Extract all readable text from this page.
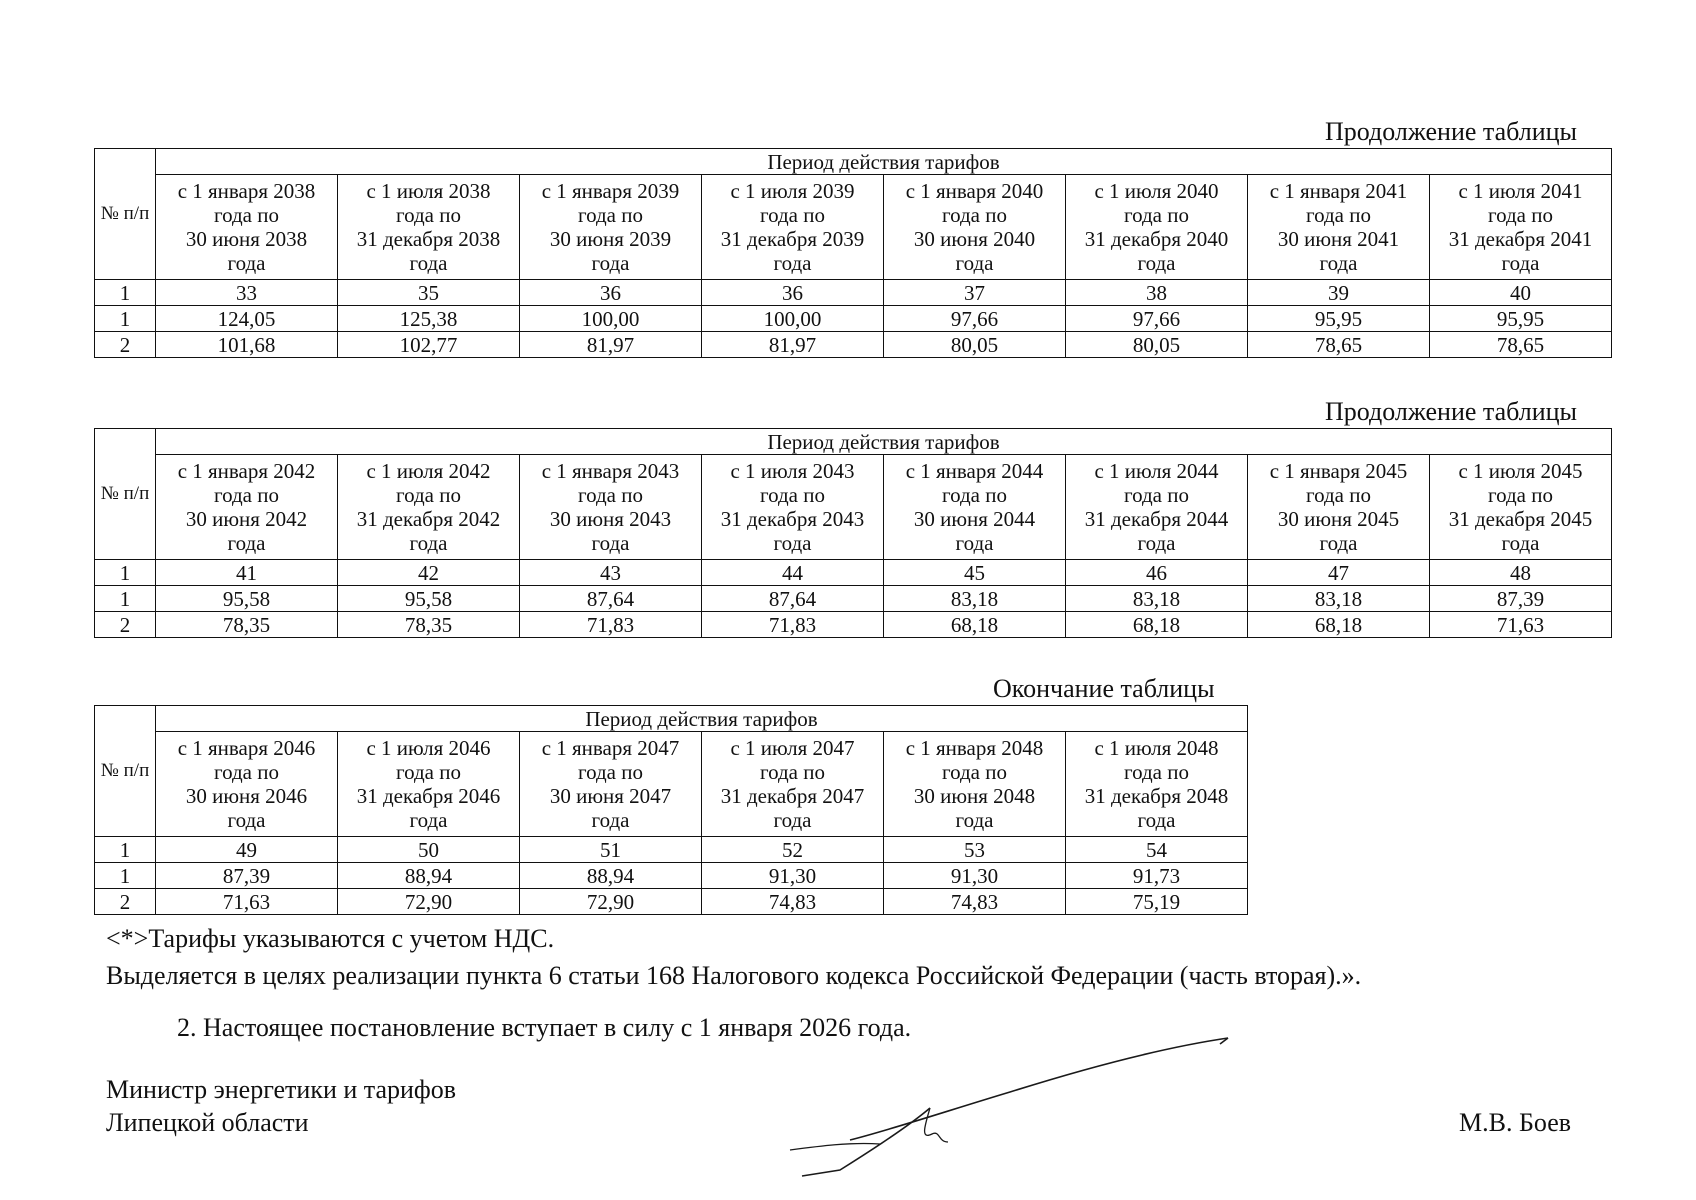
Продолжение таблицы
№ п/п	Период действия тарифов							

	с 1 января 2038
года по
30 июня 2038
года	с 1 июля 2038
года по
31 декабря 2038
года	с 1 января 2039
года по
30 июня 2039
года	с 1 июля 2039
года по
31 декабря 2039
года	с 1 января 2040
года по
30 июня 2040
года	с 1 июля 2040
года по
31 декабря 2040
года	с 1 января 2041
года по
30 июня 2041
года	с 1 июля 2041
года по
31 декабря 2041
года

1	33	35	36	36	37	38	39	40
1	124,05	125,38	100,00	100,00	97,66	97,66	95,95	95,95
2	101,68	102,77	81,97	81,97	80,05	80,05	78,65	78,65
Продолжение таблицы
№ п/п	Период действия тарифов							

	с 1 января 2042
года по
30 июня 2042
года	с 1 июля 2042
года по
31 декабря 2042
года	с 1 января 2043
года по
30 июня 2043
года	с 1 июля 2043
года по
31 декабря 2043
года	с 1 января 2044
года по
30 июня 2044
года	с 1 июля 2044
года по
31 декабря 2044
года	с 1 января 2045
года по
30 июня 2045
года	с 1 июля 2045
года по
31 декабря 2045
года

1	41	42	43	44	45	46	47	48
1	95,58	95,58	87,64	87,64	83,18	83,18	83,18	87,39
2	78,35	78,35	71,83	71,83	68,18	68,18	68,18	71,63
Окончание таблицы
№ п/п	Период действия тарифов					

	с 1 января 2046
года по
30 июня 2046
года	с 1 июля 2046
года по
31 декабря 2046
года	с 1 января 2047
года по
30 июня 2047
года	с 1 июля 2047
года по
31 декабря 2047
года	с 1 января 2048
года по
30 июня 2048
года	с 1 июля 2048
года по
31 декабря 2048
года

1	49	50	51	52	53	54
1	87,39	88,94	88,94	91,30	91,30	91,73
2	71,63	72,90	72,90	74,83	74,83	75,19
<*>Тарифы указываются с учетом НДС.
Выделяется в целях реализации пункта 6 статьи 168 Налогового кодекса Российской Федерации (часть вторая).».
2. Настоящее постановление вступает в силу с 1 января 2026 года.
Министр энергетики и тарифов
Липецкой области	М.В. Боев
